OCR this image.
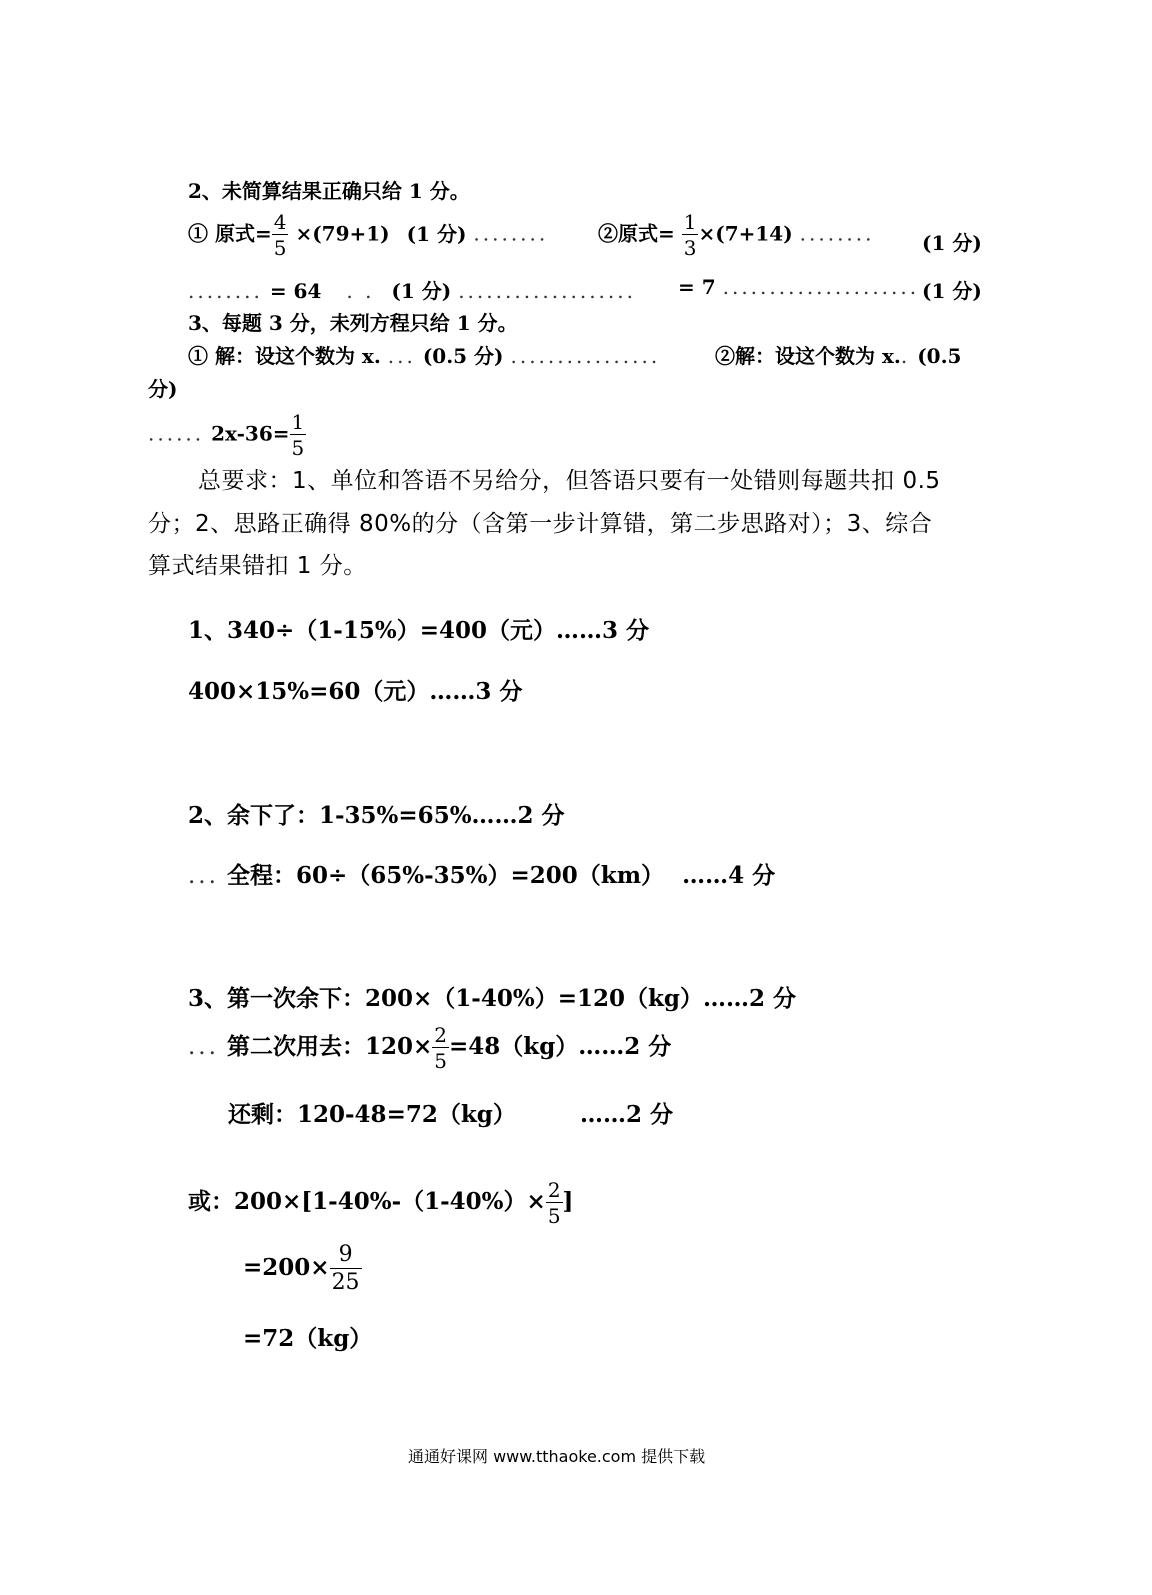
2、未简算结果正确只给 1 分。
① 原式= $\frac{4}{5} \times(79+1)$ (1 分) ........ ②原式= $\frac{1}{3} \times(7+14)$ ........ (1 分)
........ = 64 . . (1 分) ................... = 7 ..................... (1 分)
3、每题 3 分，未列方程只给 1 分。
① 解：设这个数为 x. ... (0.5 分) ................	②解：设这个数为 x.. (0.5
分)
...... $2x-36= \frac{1}{5}$
总要求：1、单位和答语不另给分，但答语只要有一处错则每题共扣 0.5
分；2、思路正确得 80%的分（含第一步计算错，第二步思路对）；3、综合
算式结果错扣 1 分。
1、340÷（1-15%）=400（元）……3 分
400×15%=60（元）……3 分
2、余下了：1-35%=65%……2 分
... 全程：60÷（65%-35%）=200（km） ……4 分
3、第一次余下：200×（1-40%）=120（kg）……2 分
... 第二次用去：$120\times \frac{2}{5}$ =48（kg）……2 分
还剩：120-48=72（kg）	……2 分
或：$200\times[1-40\%-(1-40\%)\times \frac{2}{5}$ ]
$=200\times \frac{9}{25}$
=72（kg）
通通好课网 www.tthaoke.com 提供下载
